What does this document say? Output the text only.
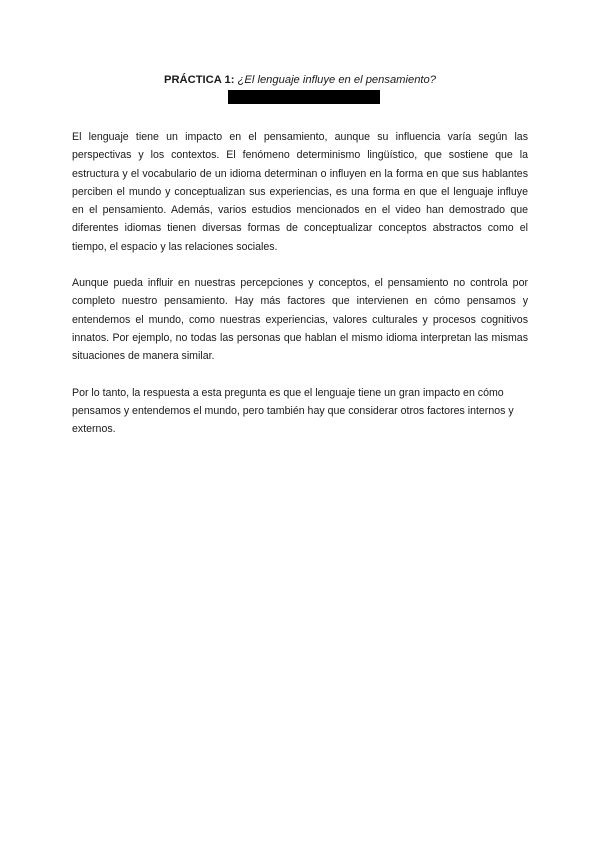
PRÁCTICA 1: ¿El lenguaje influye en el pensamiento?

El lenguaje tiene un impacto en el pensamiento, aunque su influencia varía según las perspectivas y los contextos. El fenómeno determinismo lingüístico, que sostiene que la estructura y el vocabulario de un idioma determinan o influyen en la forma en que sus hablantes perciben el mundo y conceptualizan sus experiencias, es una forma en que el lenguaje influye en el pensamiento. Además, varios estudios mencionados en el video han demostrado que diferentes idiomas tienen diversas formas de conceptualizar conceptos abstractos como el tiempo, el espacio y las relaciones sociales.

Aunque pueda influir en nuestras percepciones y conceptos, el pensamiento no controla por completo nuestro pensamiento. Hay más factores que intervienen en cómo pensamos y entendemos el mundo, como nuestras experiencias, valores culturales y procesos cognitivos innatos. Por ejemplo, no todas las personas que hablan el mismo idioma interpretan las mismas situaciones de manera similar.

Por lo tanto, la respuesta a esta pregunta es que el lenguaje tiene un gran impacto en cómo pensamos y entendemos el mundo, pero también hay que considerar otros factores internos y externos.
